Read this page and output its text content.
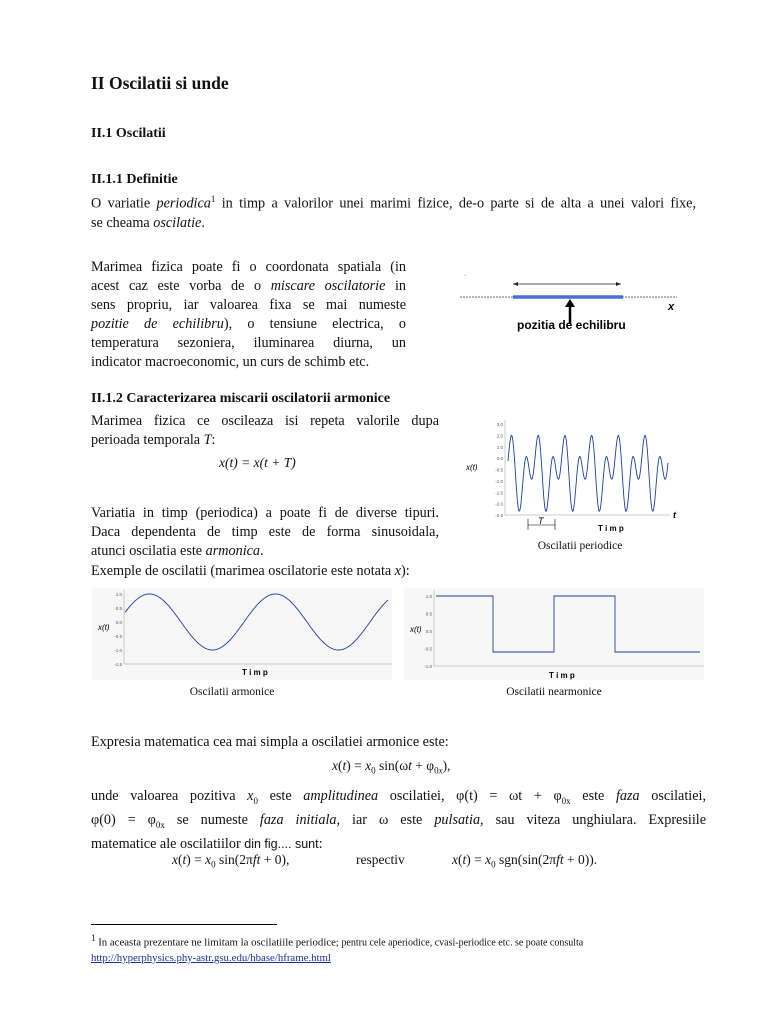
II Oscilatii si unde
II.1 Oscilatii
II.1.1 Definitie
O variatie periodica$^1$ in timp a valorilor unei marimi fizice, de-o parte si de alta a unei valori fixe,
se cheama oscilatie.
Marimea fizica poate fi o coordonata spatiala (in
acest caz este vorba de o miscare oscilatorie in
sens propriu, iar valoarea fixa se mai numeste
pozitie de echilibru), o tensiune electrica, o
temperatura sezoniera, iluminarea diurna, un
indicator macroeconomic, un curs de schimb etc.
.
x
pozitia de echilibru
II.1.2 Caracterizarea miscarii oscilatorii armonice
Marimea fizica ce oscileaza isi repeta valorile dupa
perioada temporala T:
x(t) = x(t + T)
Variatia in timp (periodica) a poate fi de diverse tipuri.
Daca dependenta de timp este de forma sinusoidala,
atunci oscilatia este armonica.
Exemple de oscilatii (marimea oscilatorie este notata x):
x(t)
3.0
2.0
1.0
0.0
-0.5
-1.0
-1.5
-2.0
-2.5
T
T i m p
t
Oscilatii periodice
x(t)
1.0
0.5
0.0
-0.5
-1.0
-1.5
T i m p
Oscilatii armonice
x(t)
1.0
0.5
0.0
-0.5
-1.0
T i m p
Oscilatii nearmonice
Expresia matematica cea mai simpla a oscilatiei armonice este:
$x(t) = x_0$ $\sin(\omega t + \varphi_{0x})$,
unde valoarea pozitiva $x_0$ este amplitudinea oscilatiei, $\varphi(t) = \omega t + \varphi_{0x}$ este faza oscilatiei,
$\varphi(0) = \varphi_{0x}$ se numeste faza initiala, iar ω este pulsatia, sau viteza unghiulara. Expresiile
matematice ale oscilatiilor din fig.... sunt:
$x(t) = x_0$ sin(2πft + 0),	respectiv	$x(t) = x_0$ sgn(sin(2πft + 0)).
$^1$ In aceasta prezentare ne limitam la oscilatiile periodice; pentru cele aperiodice, cvasi-periodice etc. se poate consulta
http://hyperphysics.phy-astr.gsu.edu/hbase/hframe.html
